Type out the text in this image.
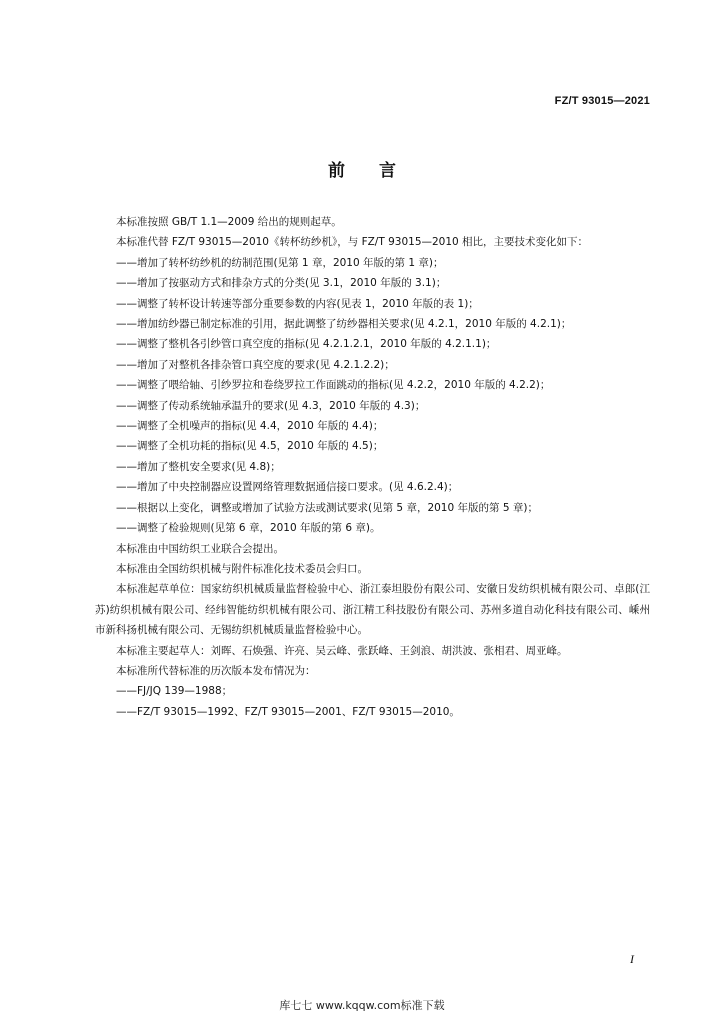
FZ/T 93015—2021
前言

本标准按照 GB/T 1.1—2009 给出的规则起草。

本标准代替 FZ/T 93015—2010《转杯纺纱机》，与 FZ/T 93015—2010 相比，主要技术变化如下：

——增加了转杯纺纱机的纺制范围(见第 1 章，2010 年版的第 1 章)；

——增加了按驱动方式和排杂方式的分类(见 3.1，2010 年版的 3.1)；

——调整了转杯设计转速等部分重要参数的内容(见表 1，2010 年版的表 1)；

——增加纺纱器已制定标准的引用，据此调整了纺纱器相关要求(见 4.2.1，2010 年版的 4.2.1)；

——调整了整机各引纱管口真空度的指标(见 4.2.1.2.1，2010 年版的 4.2.1.1)；

——增加了对整机各排杂管口真空度的要求(见 4.2.1.2.2)；

——调整了喂给轴、引纱罗拉和卷绕罗拉工作面跳动的指标(见 4.2.2，2010 年版的 4.2.2)；

——调整了传动系统轴承温升的要求(见 4.3，2010 年版的 4.3)；

——调整了全机噪声的指标(见 4.4，2010 年版的 4.4)；

——调整了全机功耗的指标(见 4.5，2010 年版的 4.5)；

——增加了整机安全要求(见 4.8)；

——增加了中央控制器应设置网络管理数据通信接口要求。(见 4.6.2.4)；

——根据以上变化，调整或增加了试验方法或测试要求(见第 5 章，2010 年版的第 5 章)；

——调整了检验规则(见第 6 章，2010 年版的第 6 章)。

本标准由中国纺织工业联合会提出。

本标准由全国纺织机械与附件标准化技术委员会归口。

本标准起草单位：国家纺织机械质量监督检验中心、浙江泰坦股份有限公司、安徽日发纺织机械有限公司、卓郎(江苏)纺织机械有限公司、经纬智能纺织机械有限公司、浙江精工科技股份有限公司、苏州多道自动化科技有限公司、嵊州市新科扬机械有限公司、无锡纺织机械质量监督检验中心。

本标准主要起草人：刘晖、石焕强、许亮、吴云峰、张跃峰、王剑浪、胡洪波、张相君、周亚峰。

本标准所代替标准的历次版本发布情况为：

——FJ/JQ 139—1988；

——FZ/T 93015—1992、FZ/T 93015—2001、FZ/T 93015—2010。

I
库七七 www.kqqw.com标准下载
